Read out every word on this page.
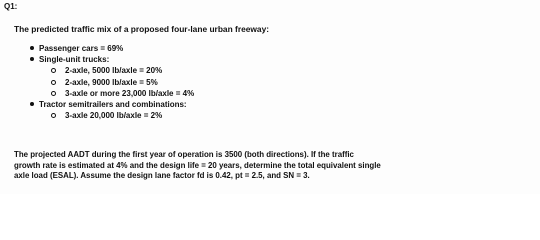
Q1:
The predicted traffic mix of a proposed four-lane urban freeway:
Passenger cars = 69%
Single-unit trucks:
2-axle, 5000 lb/axle = 20%
2-axle, 9000 lb/axle = 5%
3-axle or more 23,000 lb/axle = 4%
Tractor semitrailers and combinations:
3-axle 20,000 lb/axle = 2%

The projected AADT during the first year of operation is 3500 (both directions). If the traffic
growth rate is estimated at 4% and the design life = 20 years, determine the total equivalent single
axle load (ESAL). Assume the design lane factor fd is 0.42, pt = 2.5, and SN = 3.
